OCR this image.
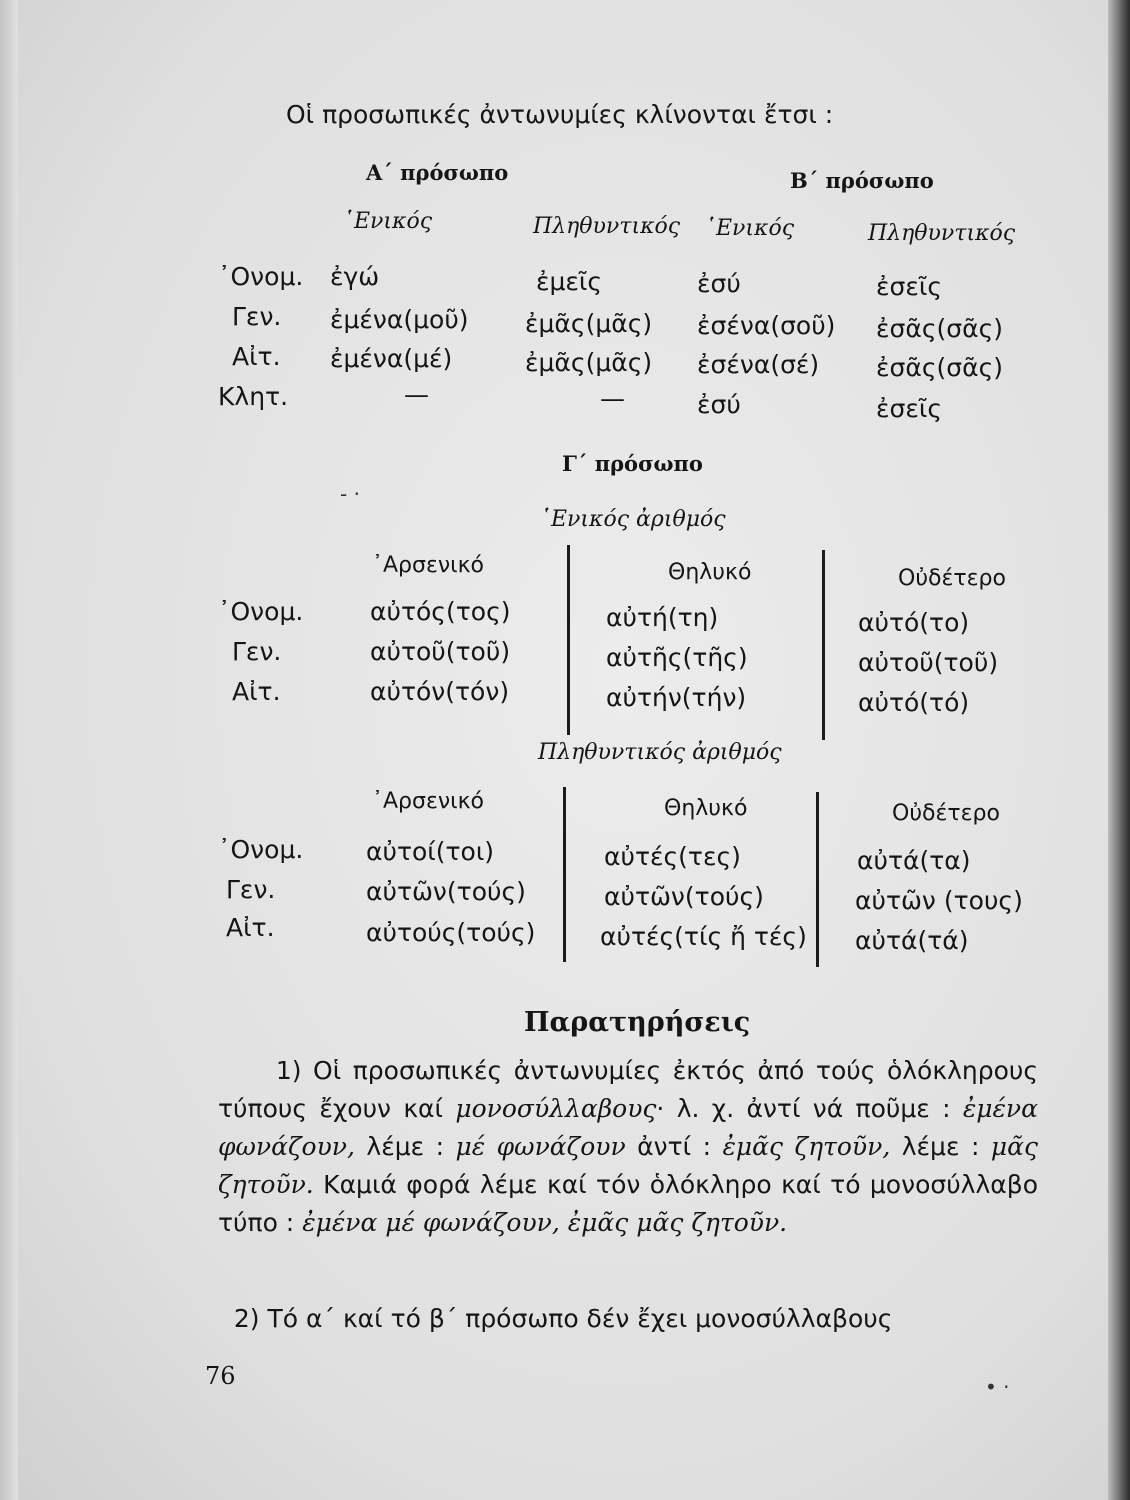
Οἱ προσωπικές ἀντωνυμίες κλίνονται ἔτσι :
Α΄ πρόσωπο	Β΄ πρόσωπο
῾Ενικός	Πληθυντικός ῾Ενικός	Πληθυντικός
᾽Ονομ. ἐγώ	ἐμεῖς	ἐσύ	ἐσεῖς
Γεν. ἐμένα(μοῦ) ἐμᾶς(μᾶς) ἐσένα(σοῦ) ἐσᾶς(σᾶς)
Αἰτ. ἐμένα(μέ)	ἐμᾶς(μᾶς) ἐσένα(σέ) ἐσᾶς(σᾶς)
Κλητ.	—	—	ἐσύ	ἐσεῖς
Γ΄ πρόσωπο
῾Ενικός ἀριθμός
᾽Αρσενικό	Θηλυκό	Οὐδέτερο
᾽Ονομ.	αὐτός(τος)	αὐτή(τη)	αὐτό(το)
Γεν.	αὐτοῦ(τοῦ)	αὐτῆς(τῆς)	αὐτοῦ(τοῦ)
Αἰτ.	αὐτόν(τόν)	αὐτήν(τήν)	αὐτό(τό)
Πληθυντικός ἀριθμός
᾽Αρσενικό	Θηλυκό	Οὐδέτερο
᾽Ονομ.	αὐτοί(τοι)	αὐτές(τες)	αὐτά(τα)
Γεν.	αὐτῶν(τούς)	αὐτῶν(τούς)	αὐτῶν (τους)
Αἰτ.	αὐτούς(τούς)	αὐτές(τίς ἤ τές) αὐτά(τά)
Παρατηρήσεις

1) Οἱ προσωπικές ἀντωνυμίες ἐκτός ἀπό τούς ὁλόκληρους τύπους ἔχουν καί μονοσύλλαβους· λ. χ. ἀντί νά ποῦμε : ἐμένα φωνάζουν, λέμε : μέ φωνάζουν ἀντί : ἐμᾶς ζητοῦν, λέμε : μᾶς ζητοῦν. Καμιά φορά λέμε καί τόν ὁλόκληρο καί τό μονοσύλλαβο τύπο : ἐμένα μέ φωνάζουν, ἐμᾶς μᾶς ζητοῦν.

2) Τό α΄ καί τό β΄ πρόσωπο δέν ἔχει μονοσύλλαβους

76	• ·
- ·
